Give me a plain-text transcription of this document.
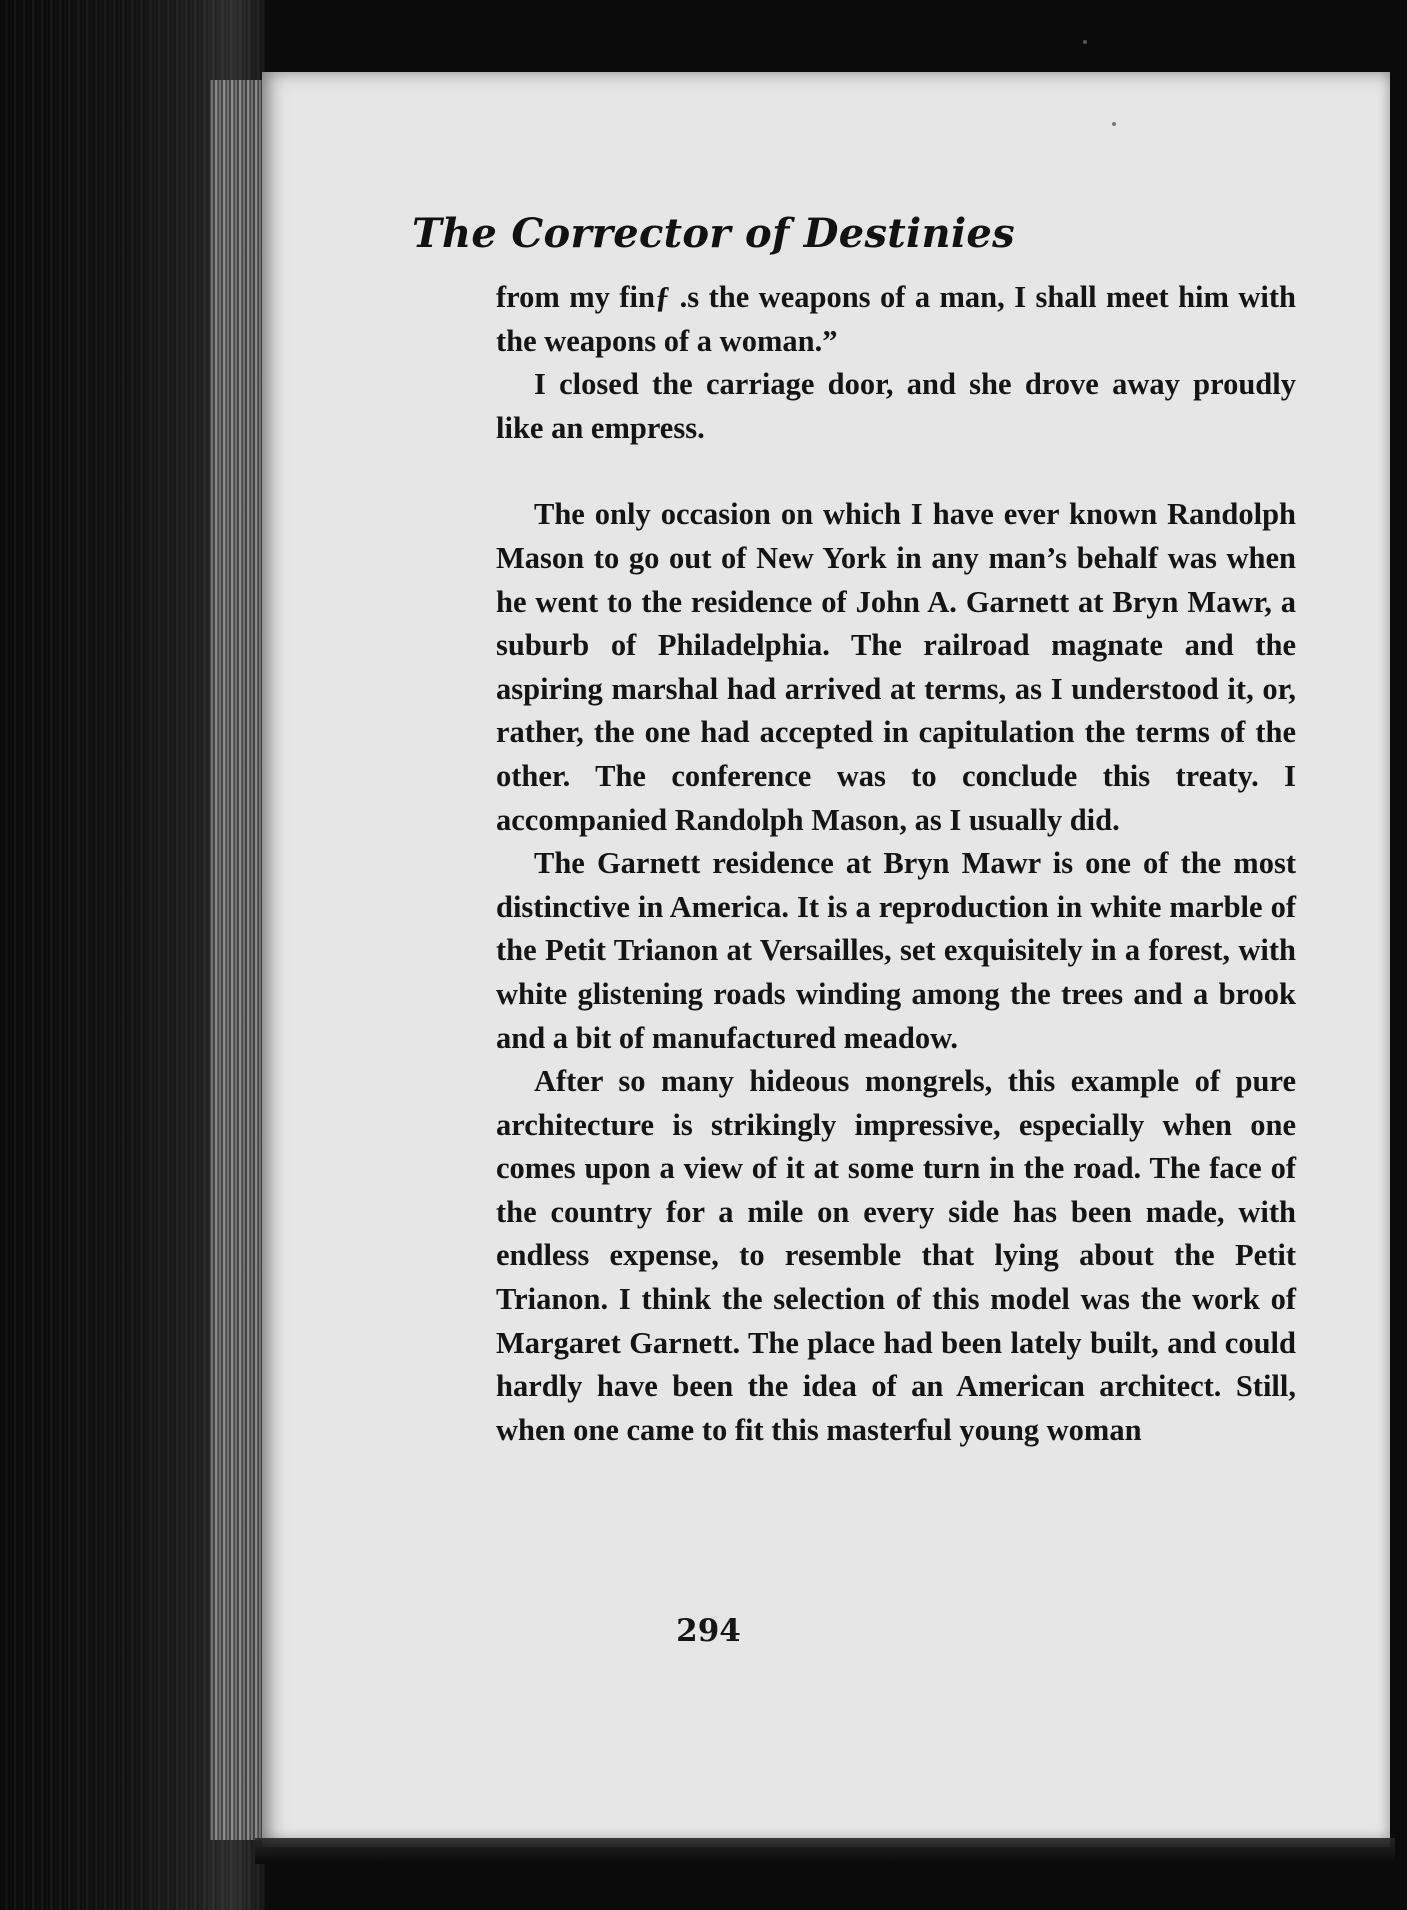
The Corrector of Destinies

from my finƒ .s the weapons of a man, I shall meet him with the weapons of a woman.”

I closed the carriage door, and she drove away proudly like an empress.

The only occasion on which I have ever known Randolph Mason to go out of New York in any man’s behalf was when he went to the residence of John A. Garnett at Bryn Mawr, a suburb of Philadelphia. The railroad magnate and the aspiring marshal had arrived at terms, as I understood it, or, rather, the one had accepted in capitulation the terms of the other. The conference was to conclude this treaty. I accompanied Randolph Mason, as I usually did.

The Garnett residence at Bryn Mawr is one of the most distinctive in America. It is a reproduction in white marble of the Petit Trianon at Versailles, set exquisitely in a forest, with white glistening roads winding among the trees and a brook and a bit of manufactured meadow.

After so many hideous mongrels, this example of pure architecture is strikingly impressive, especially when one comes upon a view of it at some turn in the road. The face of the country for a mile on every side has been made, with endless expense, to resemble that lying about the Petit Trianon. I think the selection of this model was the work of Margaret Garnett. The place had been lately built, and could hardly have been the idea of an American architect. Still, when one came to fit this masterful young woman

294
